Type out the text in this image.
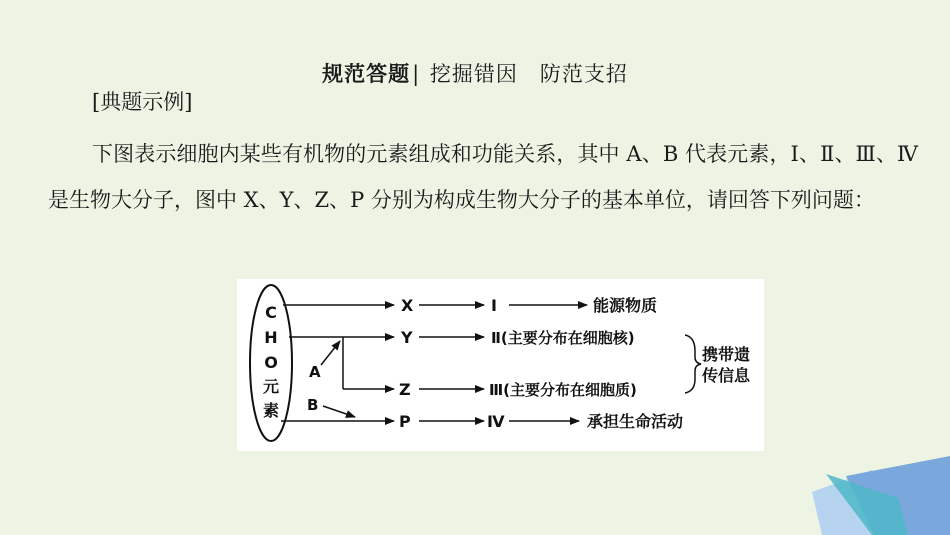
规范答题| 挖掘错因 防范支招
[典题示例]
下图表示细胞内某些有机物的元素组成和功能关系，其中 A、B 代表元素，Ⅰ、Ⅱ、Ⅲ、Ⅳ是生物大分子，图中 X、Y、Z、P 分别为构成生物大分子的基本单位，请回答下列问题：
C
H
O
元
素
A
B
X
Y
Z
P
Ⅰ
Ⅱ(主要分布在细胞核)
Ⅲ(主要分布在细胞质)
Ⅳ
能源物质
承担生命活动
携带遗
传信息
